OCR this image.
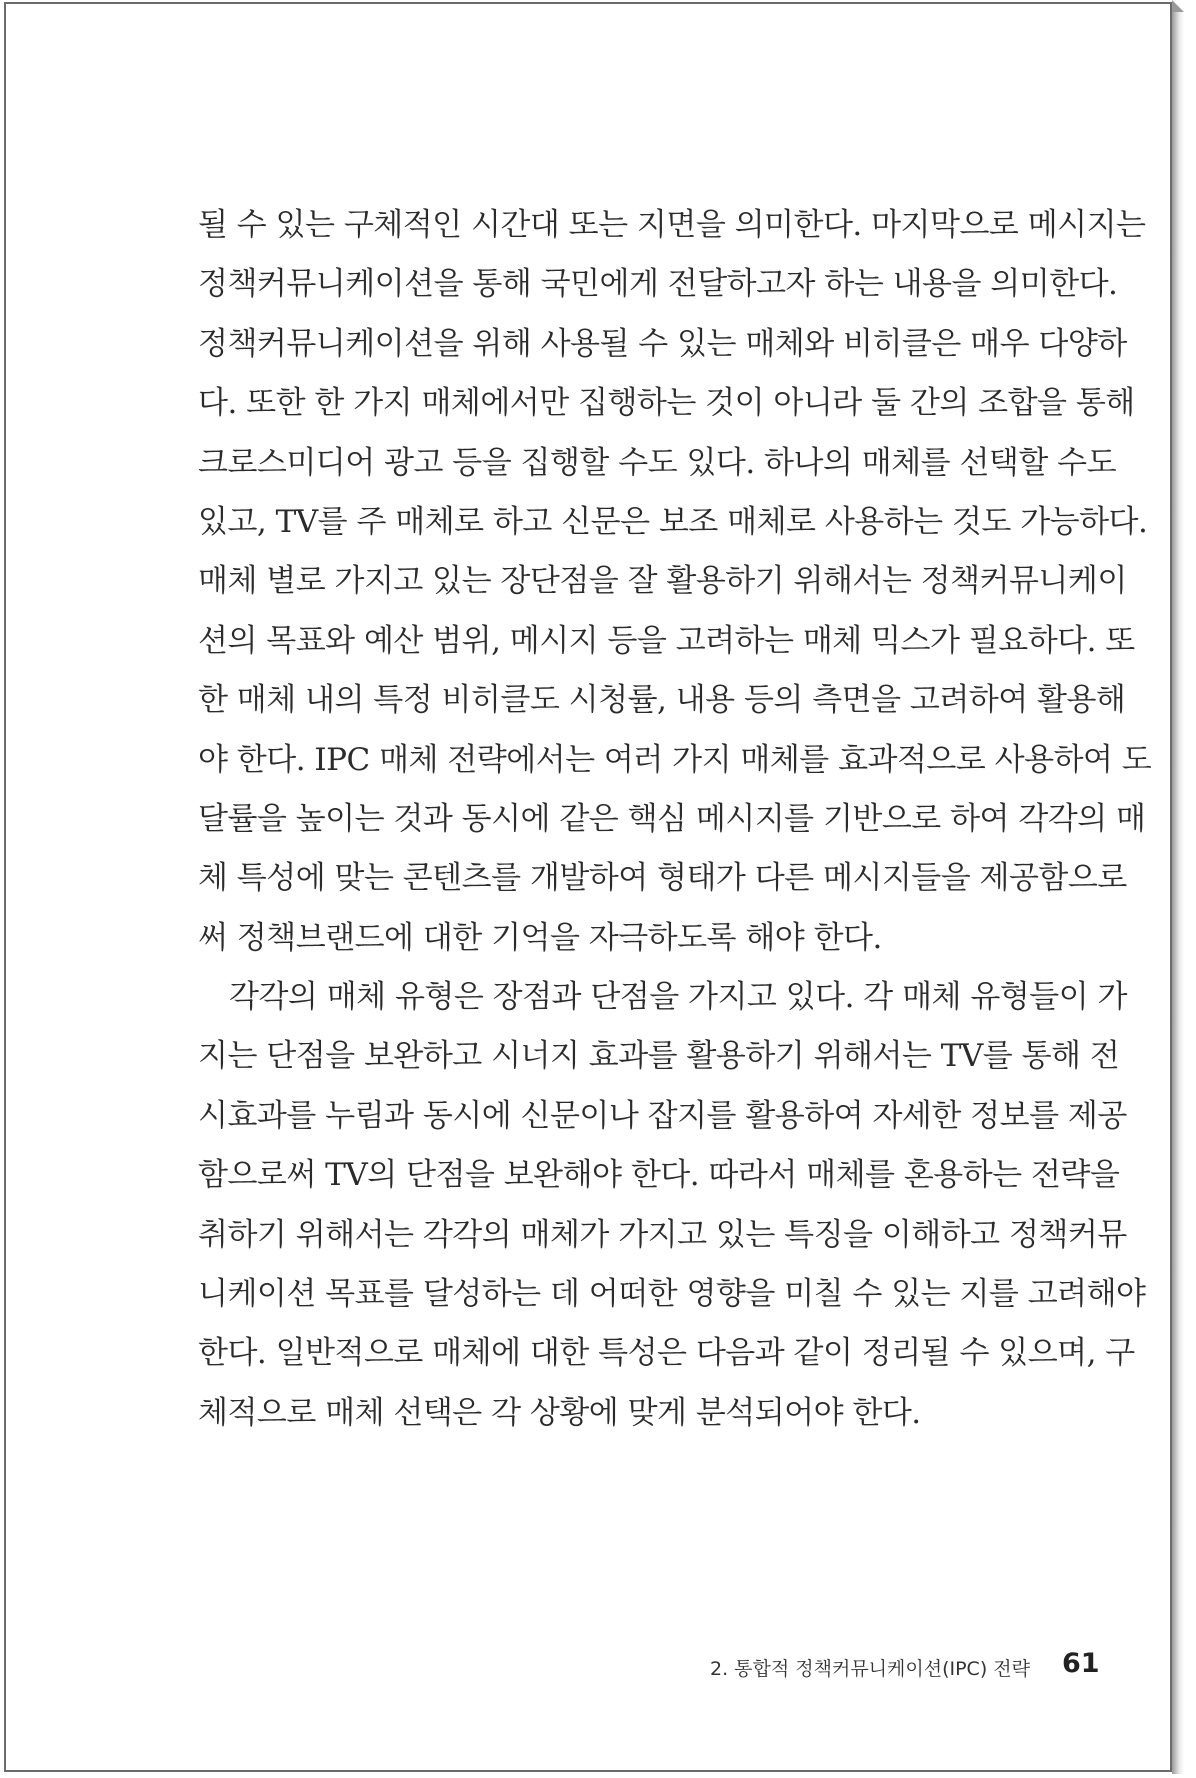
될 수 있는 구체적인 시간대 또는 지면을 의미한다. 마지막으로 메시지는
정책커뮤니케이션을 통해 국민에게 전달하고자 하는 내용을 의미한다.
정책커뮤니케이션을 위해 사용될 수 있는 매체와 비히클은 매우 다양하
다. 또한 한 가지 매체에서만 집행하는 것이 아니라 둘 간의 조합을 통해
크로스미디어 광고 등을 집행할 수도 있다. 하나의 매체를 선택할 수도
있고, TV를 주 매체로 하고 신문은 보조 매체로 사용하는 것도 가능하다.
매체 별로 가지고 있는 장단점을 잘 활용하기 위해서는 정책커뮤니케이
션의 목표와 예산 범위, 메시지 등을 고려하는 매체 믹스가 필요하다. 또
한 매체 내의 특정 비히클도 시청률, 내용 등의 측면을 고려하여 활용해
야 한다. IPC 매체 전략에서는 여러 가지 매체를 효과적으로 사용하여 도
달률을 높이는 것과 동시에 같은 핵심 메시지를 기반으로 하여 각각의 매
체 특성에 맞는 콘텐츠를 개발하여 형태가 다른 메시지들을 제공함으로
써 정책브랜드에 대한 기억을 자극하도록 해야 한다.
각각의 매체 유형은 장점과 단점을 가지고 있다. 각 매체 유형들이 가
지는 단점을 보완하고 시너지 효과를 활용하기 위해서는 TV를 통해 전
시효과를 누림과 동시에 신문이나 잡지를 활용하여 자세한 정보를 제공
함으로써 TV의 단점을 보완해야 한다. 따라서 매체를 혼용하는 전략을
취하기 위해서는 각각의 매체가 가지고 있는 특징을 이해하고 정책커뮤
니케이션 목표를 달성하는 데 어떠한 영향을 미칠 수 있는 지를 고려해야
한다. 일반적으로 매체에 대한 특성은 다음과 같이 정리될 수 있으며, 구
체적으로 매체 선택은 각 상황에 맞게 분석되어야 한다.
2. 통합적 정책커뮤니케이션(IPC) 전략 61
